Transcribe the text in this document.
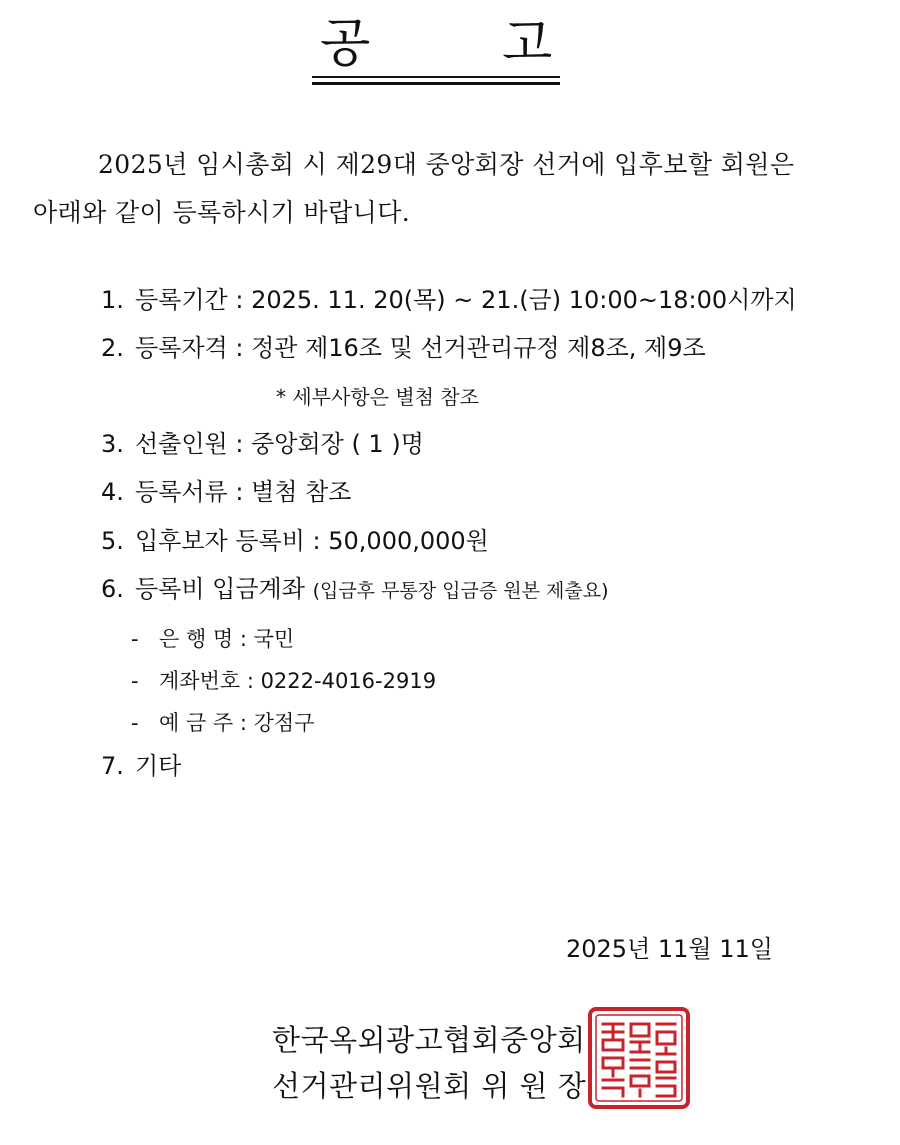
공	고
2025년 임시총회 시 제29대 중앙회장 선거에 입후보할 회원은
아래와 같이 등록하시기 바랍니다.
1. 등록기간 : 2025. 11. 20(목) ~ 21.(금) 10:00~18:00시까지
2. 등록자격 : 정관 제16조 및 선거관리규정 제8조, 제9조
* 세부사항은 별첨 참조
3. 선출인원 : 중앙회장 ( 1 )명
4. 등록서류 : 별첨 참조
5. 입후보자 등록비 : 50,000,000원
6. 등록비 입금계좌 (입금후 무통장 입금증 원본 제출요)
- 은 행 명 : 국민
- 계좌번호 : 0222-4016-2919
- 예 금 주 : 강점구
7. 기타
2025년 11월 11일
한국옥외광고협회중앙회
선거관리위원회 위 원 장
